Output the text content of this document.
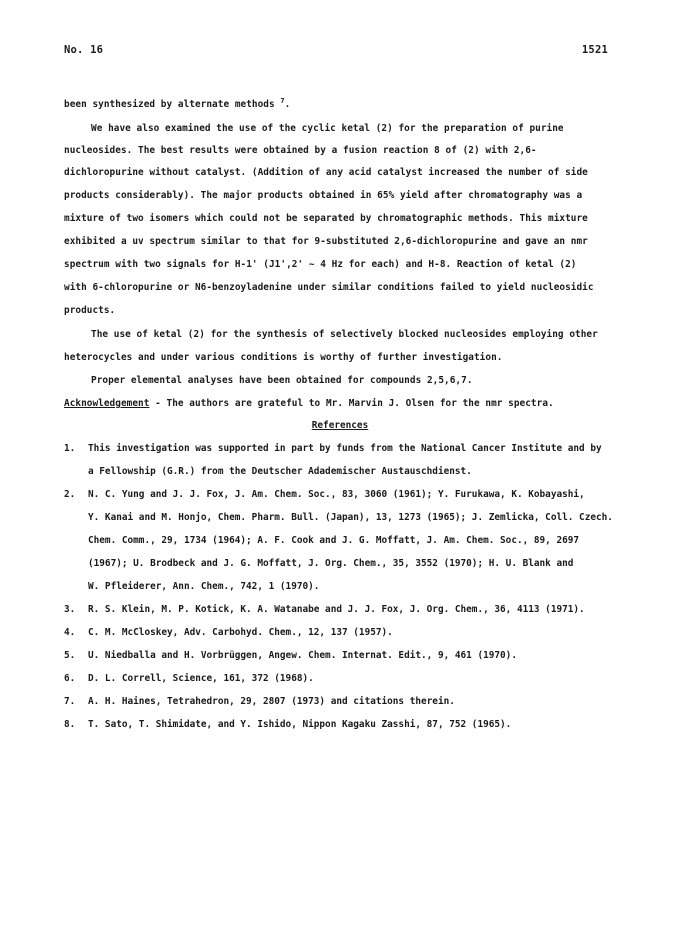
No. 16	1521
been synthesized by alternate methods $^7$.
We have also examined the use of the cyclic ketal (2) for the preparation of purine
nucleosides. The best results were obtained by a fusion reaction 8 of (2) with 2,6-
dichloropurine without catalyst. (Addition of any acid catalyst increased the number of side
products considerably). The major products obtained in 65% yield after chromatography was a
mixture of two isomers which could not be separated by chromatographic methods. This mixture
exhibited a uv spectrum similar to that for 9-substituted 2,6-dichloropurine and gave an nmr
spectrum with two signals for H-1' (J1',2' ~ 4 Hz for each) and H-8. Reaction of ketal (2)
with 6-chloropurine or N6-benzoyladenine under similar conditions failed to yield nucleosidic
products.
The use of ketal (2) for the synthesis of selectively blocked nucleosides employing other
heterocycles and under various conditions is worthy of further investigation.
Proper elemental analyses have been obtained for compounds 2,5,6,7.
Acknowledgement - The authors are grateful to Mr. Marvin J. Olsen for the nmr spectra.
References
1. This investigation was supported in part by funds from the National Cancer Institute and by
a Fellowship (G.R.) from the Deutscher Adademischer Austauschdienst.
2. N. C. Yung and J. J. Fox, J. Am. Chem. Soc., 83, 3060 (1961); Y. Furukawa, K. Kobayashi,
Y. Kanai and M. Honjo, Chem. Pharm. Bull. (Japan), 13, 1273 (1965); J. Zemlicka, Coll. Czech.
Chem. Comm., 29, 1734 (1964); A. F. Cook and J. G. Moffatt, J. Am. Chem. Soc., 89, 2697
(1967); U. Brodbeck and J. G. Moffatt, J. Org. Chem., 35, 3552 (1970); H. U. Blank and
W. Pfleiderer, Ann. Chem., 742, 1 (1970).
3. R. S. Klein, M. P. Kotick, K. A. Watanabe and J. J. Fox, J. Org. Chem., 36, 4113 (1971).
4. C. M. McCloskey, Adv. Carbohyd. Chem., 12, 137 (1957).
5. U. Niedballa and H. Vorbrüggen, Angew. Chem. Internat. Edit., 9, 461 (1970).
6. D. L. Correll, Science, 161, 372 (1968).
7. A. H. Haines, Tetrahedron, 29, 2807 (1973) and citations therein.
8. T. Sato, T. Shimidate, and Y. Ishido, Nippon Kagaku Zasshi, 87, 752 (1965).
